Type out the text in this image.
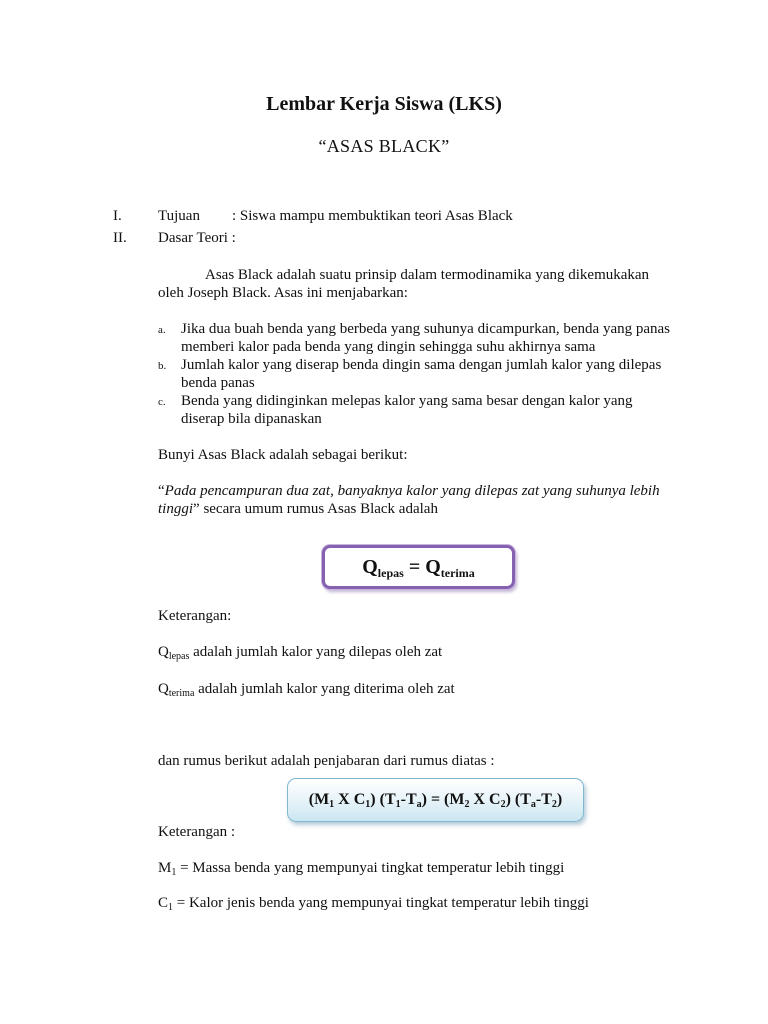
Lembar Kerja Siswa (LKS)
“ASAS BLACK”
I. Tujuan : Siswa mampu membuktikan teori Asas Black
II. Dasar Teori :
Asas Black adalah suatu prinsip dalam termodinamika yang dikemukakan
oleh Joseph Black. Asas ini menjabarkan:
a. Jika dua buah benda yang berbeda yang suhunya dicampurkan, benda yang panas
memberi kalor pada benda yang dingin sehingga suhu akhirnya sama
b. Jumlah kalor yang diserap benda dingin sama dengan jumlah kalor yang dilepas
benda panas
c. Benda yang didinginkan melepas kalor yang sama besar dengan kalor yang
diserap bila dipanaskan
Bunyi Asas Black adalah sebagai berikut:
“Pada pencampuran dua zat, banyaknya kalor yang dilepas zat yang suhunya lebih
tinggi” secara umum rumus Asas Black adalah
$Q_{lepas} = Q_{terima}$
Keterangan:
$Q_{lepas}$ adalah jumlah kalor yang dilepas oleh zat
$Q_{terima}$ adalah jumlah kalor yang diterima oleh zat
dan rumus berikut adalah penjabaran dari rumus diatas :
($M_1$ X $C_1$) $(T_1-T_a) = (M_2$ X $C_2$) $(T_a-T_2)$
Keterangan :
$M_1$ = Massa benda yang mempunyai tingkat temperatur lebih tinggi
$C_1$ = Kalor jenis benda yang mempunyai tingkat temperatur lebih tinggi
